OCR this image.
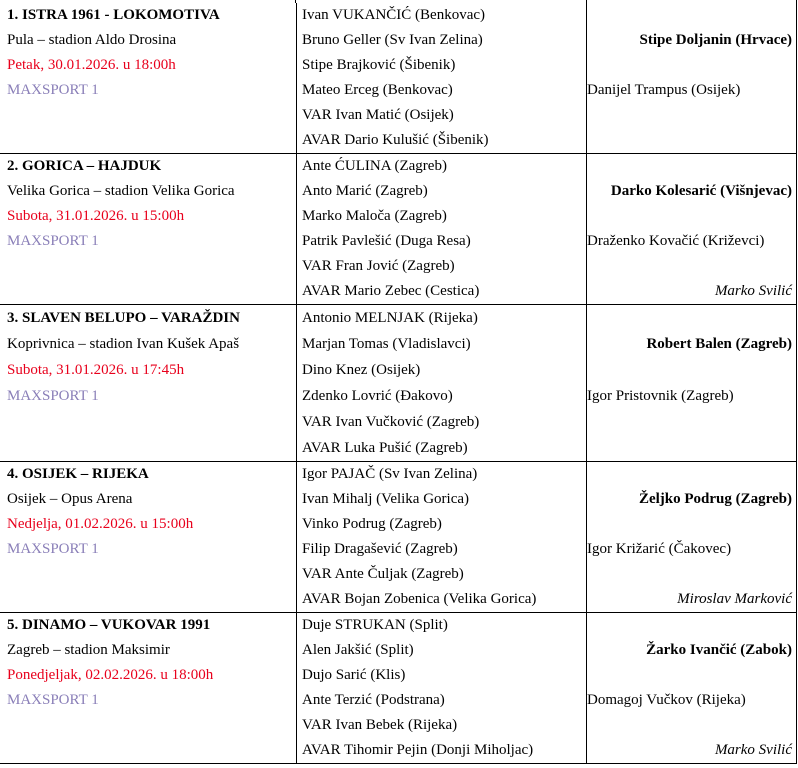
1. ISTRA 1961 - LOKOMOTIVA	Ivan VUKANČIĆ (Benkovac)	
Pula – stadion Aldo Drosina	Bruno Geller (Sv Ivan Zelina)	Stipe Doljanin (Hrvace)
Petak, 30.01.2026. u 18:00h	Stipe Brajković (Šibenik)	
MAXSPORT 1	Mateo Erceg (Benkovac)	Danijel Trampus (Osijek)

	VAR Ivan Matić (Osijek)	
	AVAR Dario Kulušić (Šibenik)	
2. GORICA – HAJDUK	Ante ĆULINA (Zagreb)	
Velika Gorica – stadion Velika Gorica	Anto Marić (Zagreb)	Darko Kolesarić (Višnjevac)
Subota, 31.01.2026. u 15:00h	Marko Maloča (Zagreb)	
MAXSPORT 1	Patrik Pavlešić (Duga Resa)	Draženko Kovačić (Križevci)

	VAR Fran Jović (Zagreb)	
	AVAR Mario Zebec (Cestica)	Marko Svilić
3. SLAVEN BELUPO – VARAŽDIN	Antonio MELNJAK (Rijeka)	
Koprivnica – stadion Ivan Kušek Apaš	Marjan Tomas (Vladislavci)	Robert Balen (Zagreb)
Subota, 31.01.2026. u 17:45h	Dino Knez (Osijek)	
MAXSPORT 1	Zdenko Lovrić (Đakovo)	Igor Pristovnik (Zagreb)

	VAR Ivan Vučković (Zagreb)	
	AVAR Luka Pušić (Zagreb)	
4. OSIJEK – RIJEKA	Igor PAJAČ (Sv Ivan Zelina)	
Osijek – Opus Arena	Ivan Mihalj (Velika Gorica)	Željko Podrug (Zagreb)
Nedjelja, 01.02.2026. u 15:00h	Vinko Podrug (Zagreb)	
MAXSPORT 1	Filip Dragašević (Zagreb)	Igor Križarić (Čakovec)

	VAR Ante Čuljak (Zagreb)	
	AVAR Bojan Zobenica (Velika Gorica)	Miroslav Marković
5. DINAMO – VUKOVAR 1991	Duje STRUKAN (Split)	
Zagreb – stadion Maksimir	Alen Jakšić (Split)	Žarko Ivančić (Zabok)
Ponedjeljak, 02.02.2026. u 18:00h	Dujo Sarić (Klis)	
MAXSPORT 1	Ante Terzić (Podstrana)	Domagoj Vučkov (Rijeka)

	VAR Ivan Bebek (Rijeka)	
	AVAR Tihomir Pejin (Donji Miholjac)	Marko Svilić
